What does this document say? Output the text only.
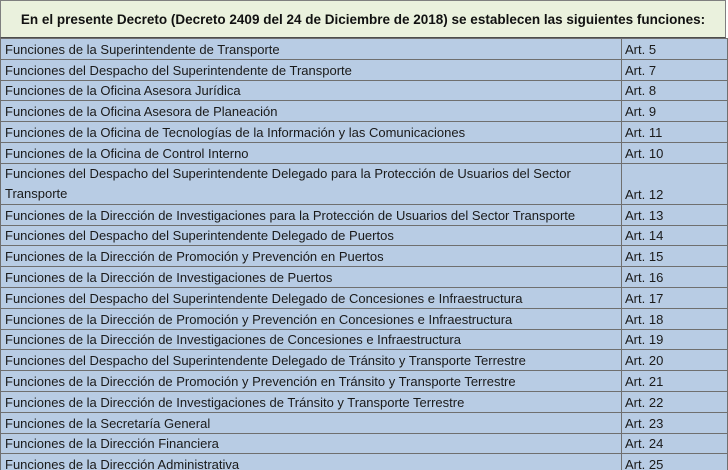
En el presente Decreto (Decreto 2409 del 24 de Diciembre de 2018) se establecen las siguientes funciones:
Funciones de la Superintendente de Transporte	Art. 5
Funciones del Despacho del Superintendente de Transporte	Art. 7
Funciones de la Oficina Asesora Jurídica	Art. 8
Funciones de la Oficina Asesora de Planeación	Art. 9
Funciones de la Oficina de Tecnologías de la Información y las Comunicaciones	Art. 11
Funciones de la Oficina de Control Interno	Art. 10
Funciones del Despacho del Superintendente Delegado para la Protección de Usuarios del Sector Transporte	Art. 12
Funciones de la Dirección de Investigaciones para la Protección de Usuarios del Sector Transporte	Art. 13
Funciones del Despacho del Superintendente Delegado de Puertos	Art. 14
Funciones de la Dirección de Promoción y Prevención en Puertos	Art. 15
Funciones de la Dirección de Investigaciones de Puertos	Art. 16
Funciones del Despacho del Superintendente Delegado de Concesiones e Infraestructura	Art. 17
Funciones de la Dirección de Promoción y Prevención en Concesiones e Infraestructura	Art. 18
Funciones de la Dirección de Investigaciones de Concesiones e Infraestructura	Art. 19
Funciones del Despacho del Superintendente Delegado de Tránsito y Transporte Terrestre	Art. 20
Funciones de la Dirección de Promoción y Prevención en Tránsito y Transporte Terrestre	Art. 21
Funciones de la Dirección de Investigaciones de Tránsito y Transporte Terrestre	Art. 22
Funciones de la Secretaría General	Art. 23
Funciones de la Dirección Financiera	Art. 24
Funciones de la Dirección Administrativa	Art. 25
